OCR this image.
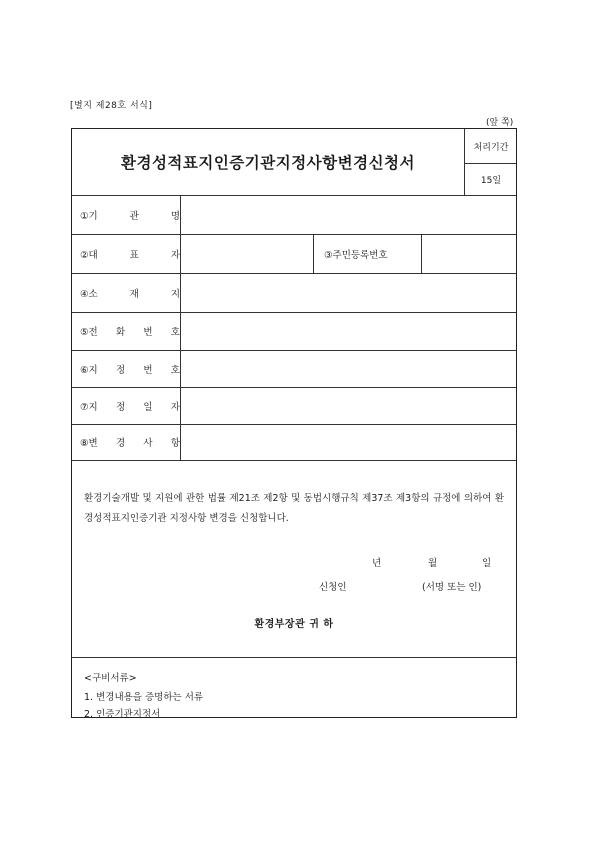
[별지 제28호 서식]
(앞 쪽)
환경성적표지인증기관지정사항변경신청서
처리기간
15일
①기	관	명
②대	표	자	③주민등록번호
④소	재	지
⑤전 화 번 호
⑥지 정 번 호
⑦지 정 일 자
⑧변 경 사 항
환경기술개발 및 지원에 관한 법률 제21조 제2항 및 동법시행규칙 제37조 제3항의 규정에 의하여 환경성적표지인증기관 지정사항 변경을 신청합니다.
년	월	일
신청인	(서명 또는 인)
환경부장관 귀 하
<구비서류>
1. 변경내용을 증명하는 서류
2. 인증기관지정서
